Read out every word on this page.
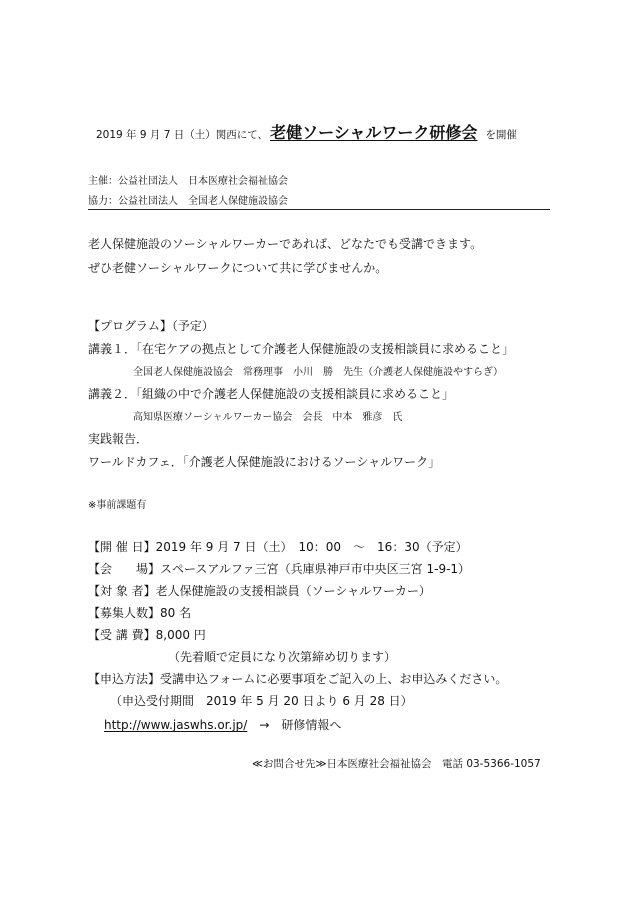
2019 年 9 月 7 日（土）関西にて、 老健ソーシャルワーク研修会 を開催
主催：公益社団法人　日本医療社会福祉協会
協力：公益社団法人　全国老人保健施設協会
老人保健施設のソーシャルワーカーであれば、どなたでも受講できます。
ぜひ老健ソーシャルワークについて共に学びませんか。
【プログラム】（予定）
講義１．「在宅ケアの拠点として介護老人保健施設の支援相談員に求めること」
全国老人保健施設協会　常務理事　小川　勝　先生（介護老人保健施設やすらぎ）
講義２．「組織の中で介護老人保健施設の支援相談員に求めること」
高知県医療ソーシャルワーカー協会　会長　中本　雅彦　氏
実践報告．
ワールドカフェ．「介護老人保健施設におけるソーシャルワーク」
※事前課題有
【開 催 日】2019 年 9 月 7 日（土）　10：00　～　16：30（予定）
【会　　場】スペースアルファ三宮（兵庫県神戸市中央区三宮 1-9-1）
【対 象 者】老人保健施設の支援相談員（ソーシャルワーカー）
【募集人数】80 名
【受 講 費】8,000 円
（先着順で定員になり次第締め切ります）
【申込方法】受講申込フォームに必要事項をご記入の上、お申込みください。
（申込受付期間　2019 年 5 月 20 日より 6 月 28 日）
http://www.jaswhs.or.jp/ →　研修情報へ
≪お問合せ先≫日本医療社会福祉協会　電話 03-5366-1057
